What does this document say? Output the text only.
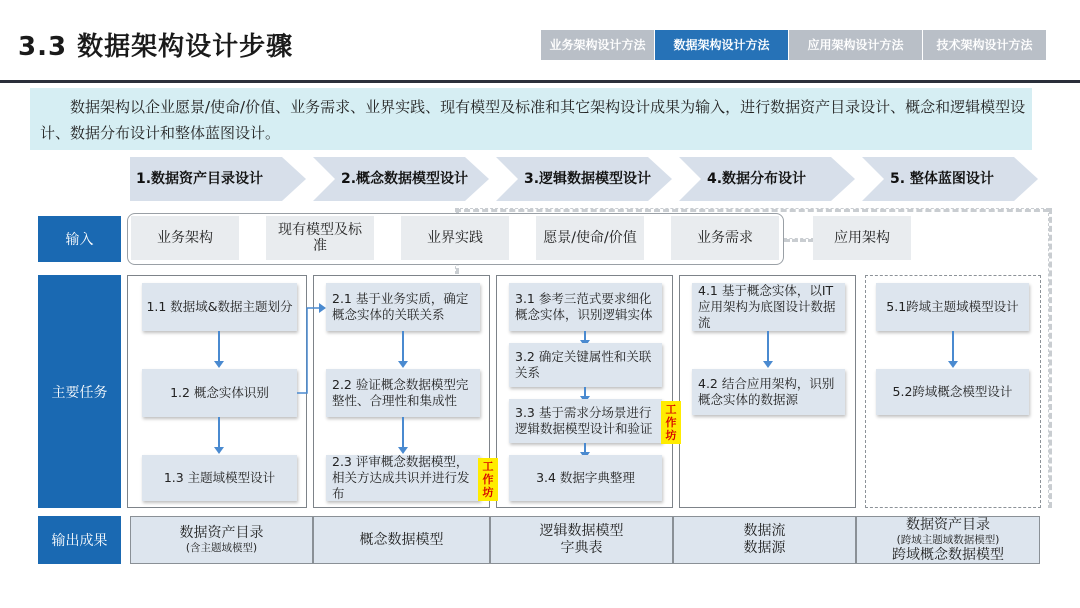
3.3 数据架构设计步骤	业务架构设计方法	数据架构设计方法	应用架构设计方法	技术架构设计方法
数据架构以企业愿景/使命/价值、业务需求、业界实践、现有模型及标准和其它架构设计成果为输入，进行数据资产目录设计、概念和逻辑模型设计、数据分布设计和整体蓝图设计。
1.数据资产目录设计	2.概念数据模型设计	3.逻辑数据模型设计	4.数据分布设计	5. 整体蓝图设计
输入
主要任务
输出成果
业务架构	现有模型及标准	业界实践	愿景/使命/价值	业务需求	应用架构
1.1 数据域&数据主题划分
1.2 概念实体识别
1.3 主题域模型设计
2.1 基于业务实质，确定概念实体的关联关系
2.2 验证概念数据模型完整性、合理性和集成性
2.3 评审概念数据模型，相关方达成共识并进行发布
工作坊
3.1 参考三范式要求细化概念实体，识别逻辑实体
3.2 确定关键属性和关联关系
3.3 基于需求分场景进行逻辑数据模型设计和验证
工作坊
3.4 数据字典整理
4.1 基于概念实体，以IT应用架构为底图设计数据流
4.2 结合应用架构，识别概念实体的数据源
5.1跨域主题域模型设计
5.2跨域概念模型设计
数据资产目录
(含主题域模型)
概念数据模型
逻辑数据模型
字典表
数据流
数据源
数据资产目录
(跨域主题域数据模型)
跨域概念数据模型
